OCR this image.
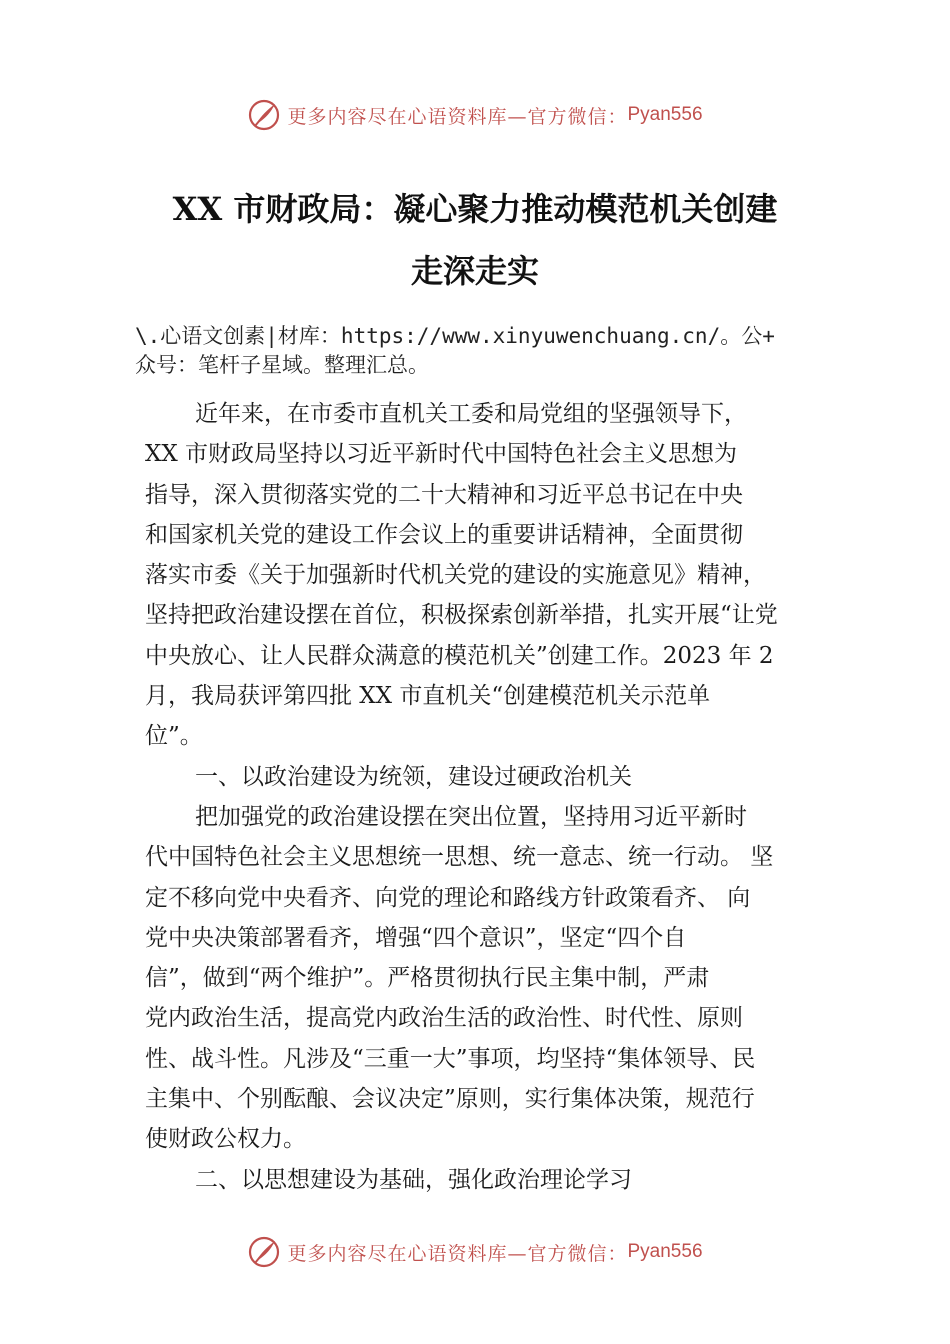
更多内容尽在心语资料库—官方微信： Pyan556
XX 市财政局：凝心聚力推动模范机关创建
走深走实
\.心语文创素|材库：https://www.xinyuwenchuang.cn/。公+
众号：笔杆子星域。整理汇总。
近年来，在市委市直机关工委和局党组的坚强领导下，
XX 市财政局坚持以习近平新时代中国特色社会主义思想为
指导，深入贯彻落实党的二十大精神和习近平总书记在中央
和国家机关党的建设工作会议上的重要讲话精神，全面贯彻
落实市委《关于加强新时代机关党的建设的实施意见》精神，
坚持把政治建设摆在首位，积极探索创新举措，扎实开展“让党
中央放心、让人民群众满意的模范机关”创建工作。2023 年 2
月，我局获评第四批 XX 市直机关“创建模范机关示范单
位”。
一、以政治建设为统领，建设过硬政治机关
把加强党的政治建设摆在突出位置，坚持用习近平新时
代中国特色社会主义思想统一思想、统一意志、统一行动。 坚
定不移向党中央看齐、向党的理论和路线方针政策看齐、 向
党中央决策部署看齐，增强“四个意识”，坚定“四个自
信”，做到“两个维护”。严格贯彻执行民主集中制，严肃
党内政治生活，提高党内政治生活的政治性、时代性、原则
性、战斗性。凡涉及“三重一大”事项，均坚持“集体领导、民
主集中、个别酝酿、会议决定”原则，实行集体决策，规范行
使财政公权力。
二、以思想建设为基础，强化政治理论学习
更多内容尽在心语资料库—官方微信： Pyan556
